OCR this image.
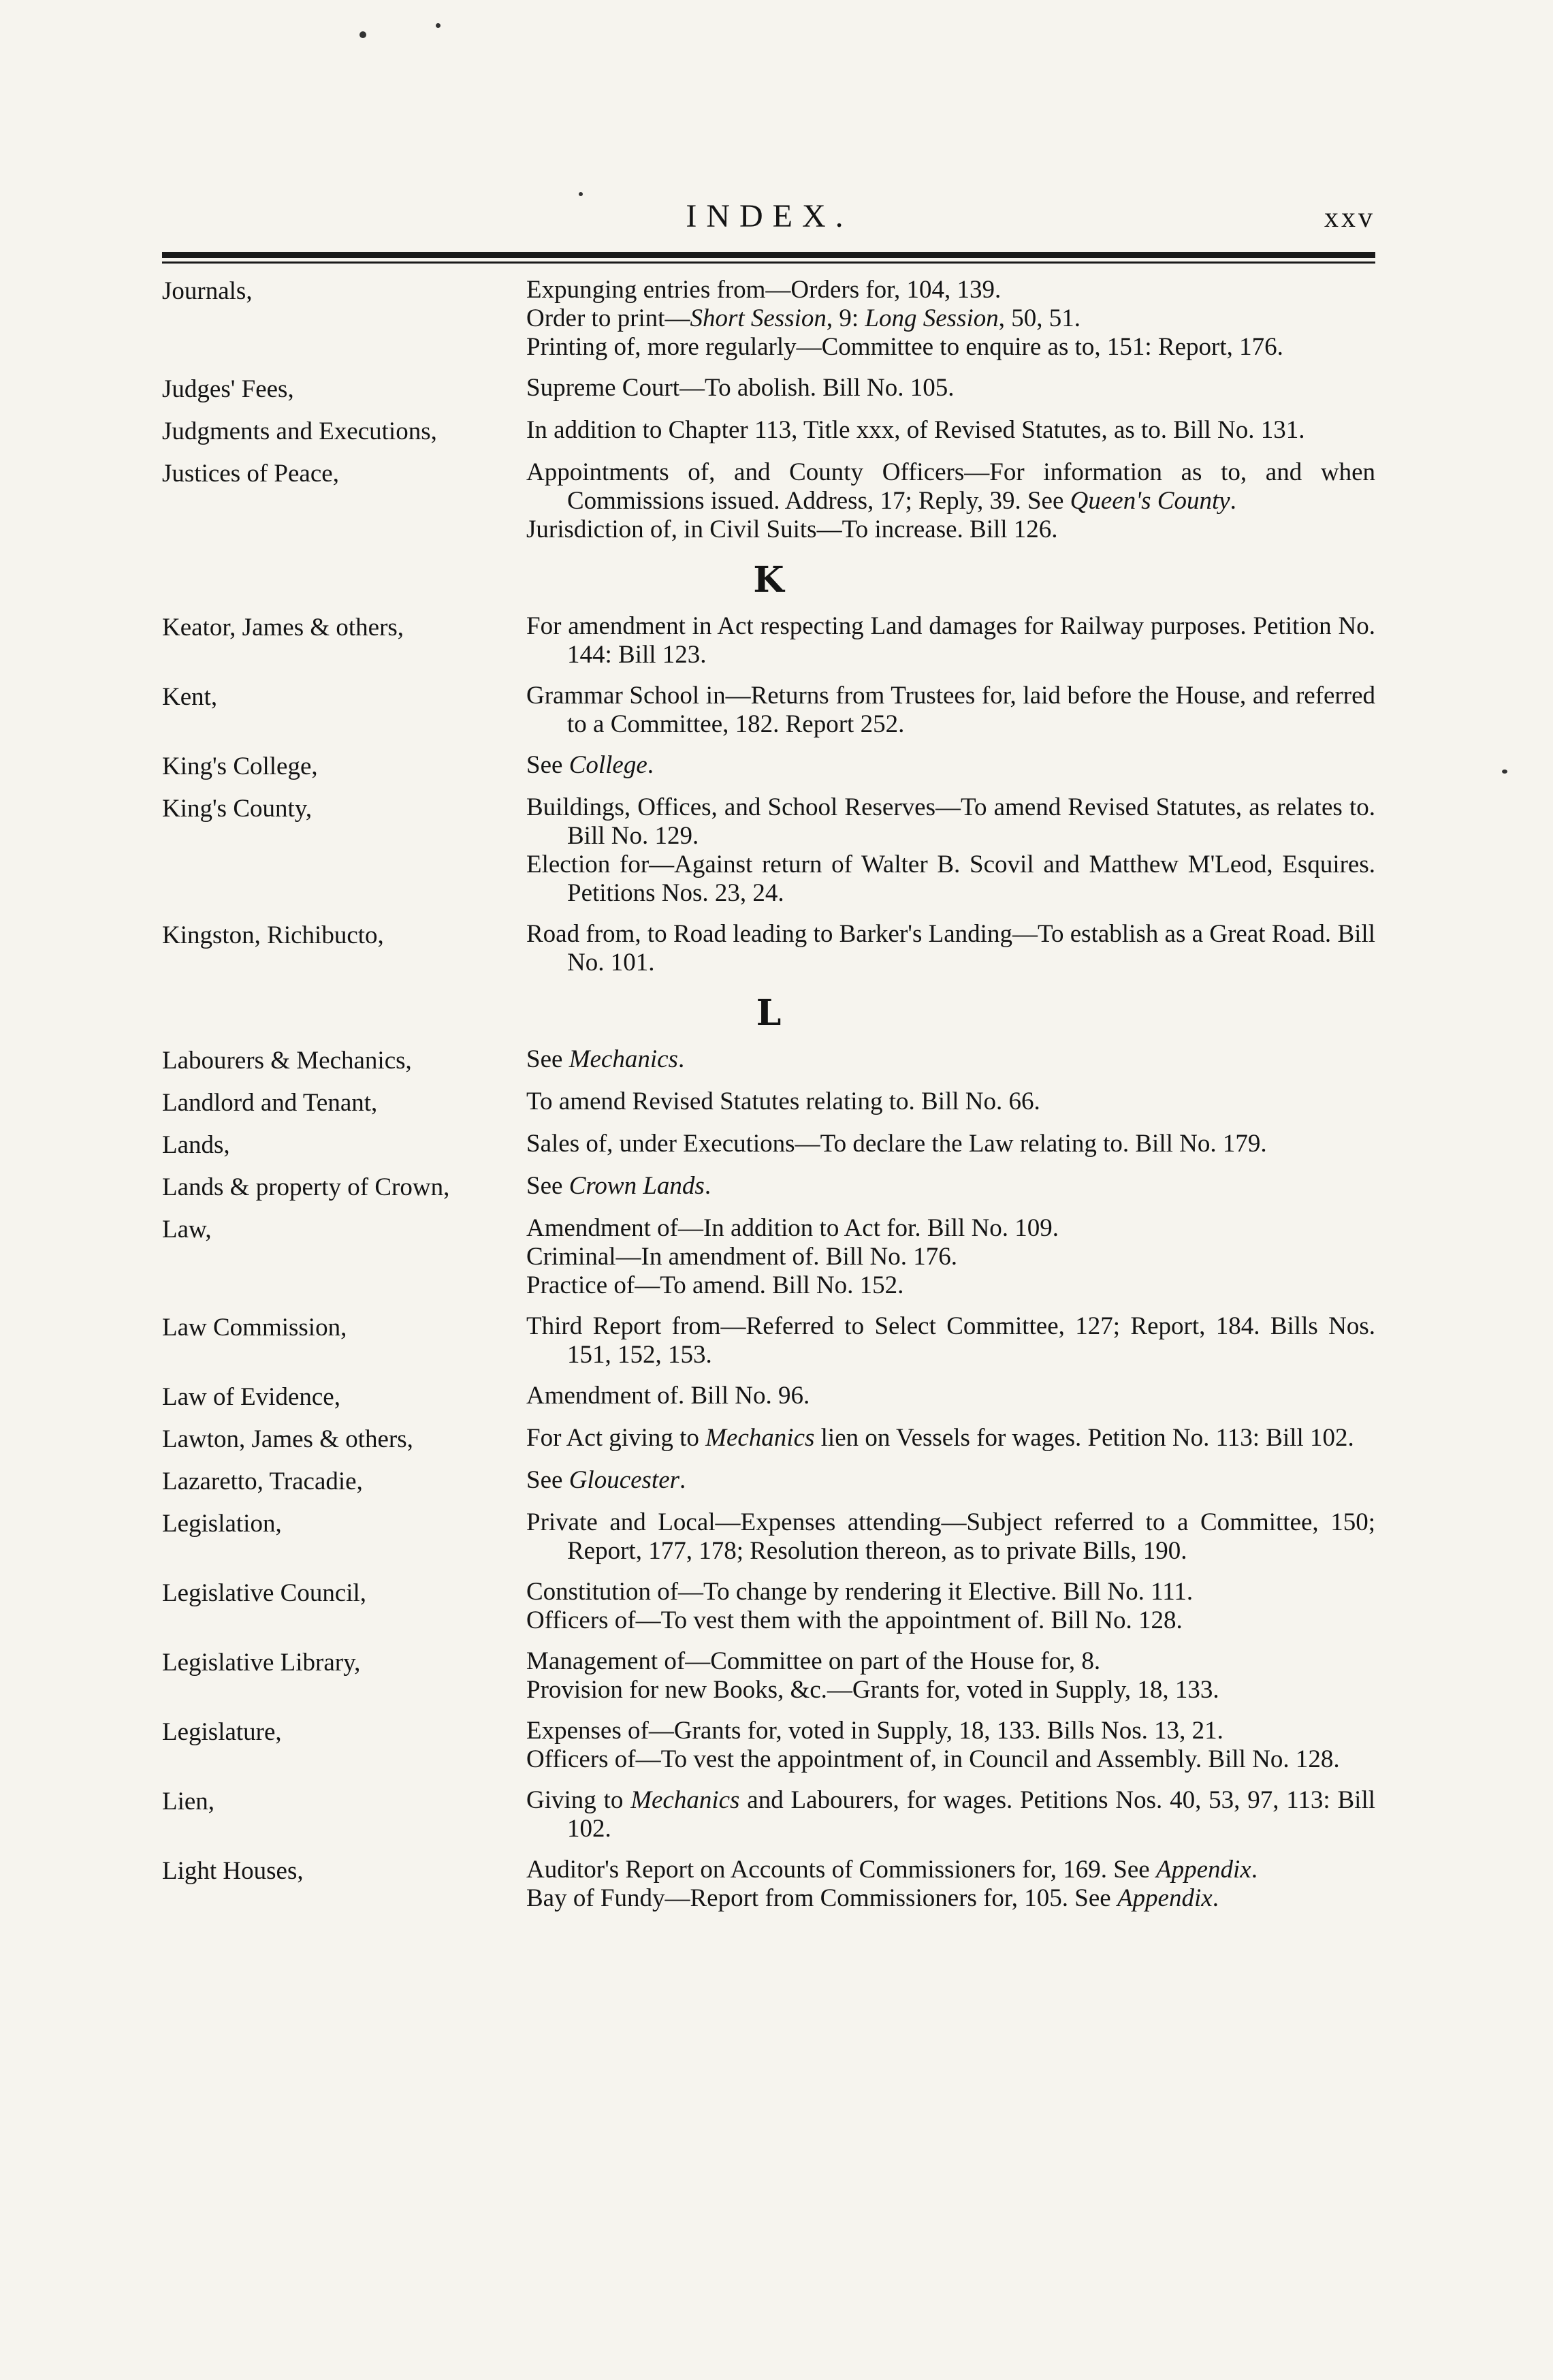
INDEX.	xxv
Journals,	Expunging entries from—Orders for, 104, 139.

Order to print—Short Session, 9: Long Session, 50, 51.

Printing of, more regularly—Committee to enquire as to, 151: Report, 176.

Judges' Fees,	Supreme Court—To abolish. Bill No. 105.

Judgments and Executions,	In addition to Chapter 113, Title xxx, of Revised Statutes, as to. Bill No. 131.

Justices of Peace,	Appointments of, and County Officers—For information as to, and when Commissions issued. Address, 17; Reply, 39. See Queen's County.

Jurisdiction of, in Civil Suits—To increase. Bill 126.

K
Keator, James & others,	For amendment in Act respecting Land damages for Railway purposes. Petition No. 144: Bill 123.

Kent,	Grammar School in—Returns from Trustees for, laid before the House, and referred to a Committee, 182. Report 252.

King's College,	See College.

King's County,	Buildings, Offices, and School Reserves—To amend Revised Statutes, as relates to. Bill No. 129.

Election for—Against return of Walter B. Scovil and Matthew M'Leod, Esquires. Petitions Nos. 23, 24.

Kingston, Richibucto,	Road from, to Road leading to Barker's Landing—To establish as a Great Road. Bill No. 101.

L
Labourers & Mechanics,	See Mechanics.

Landlord and Tenant,	To amend Revised Statutes relating to. Bill No. 66.

Lands,	Sales of, under Executions—To declare the Law relating to. Bill No. 179.

Lands & property of Crown,	See Crown Lands.

Law,	Amendment of—In addition to Act for. Bill No. 109.

Criminal—In amendment of. Bill No. 176.

Practice of—To amend. Bill No. 152.

Law Commission,	Third Report from—Referred to Select Committee, 127; Report, 184. Bills Nos. 151, 152, 153.

Law of Evidence,	Amendment of. Bill No. 96.

Lawton, James & others,	For Act giving to Mechanics lien on Vessels for wages. Petition No. 113: Bill 102.

Lazaretto, Tracadie,	See Gloucester.

Legislation,	Private and Local—Expenses attending—Subject referred to a Committee, 150; Report, 177, 178; Resolution thereon, as to private Bills, 190.

Legislative Council,	Constitution of—To change by rendering it Elective. Bill No. 111.

Officers of—To vest them with the appointment of. Bill No. 128.

Legislative Library,	Management of—Committee on part of the House for, 8.

Provision for new Books, &c.—Grants for, voted in Supply, 18, 133.

Legislature,	Expenses of—Grants for, voted in Supply, 18, 133. Bills Nos. 13, 21.

Officers of—To vest the appointment of, in Council and Assembly. Bill No. 128.

Lien,	Giving to Mechanics and Labourers, for wages. Petitions Nos. 40, 53, 97, 113: Bill 102.

Light Houses,	Auditor's Report on Accounts of Commissioners for, 169. See Appendix.

Bay of Fundy—Report from Commissioners for, 105. See Appendix.
